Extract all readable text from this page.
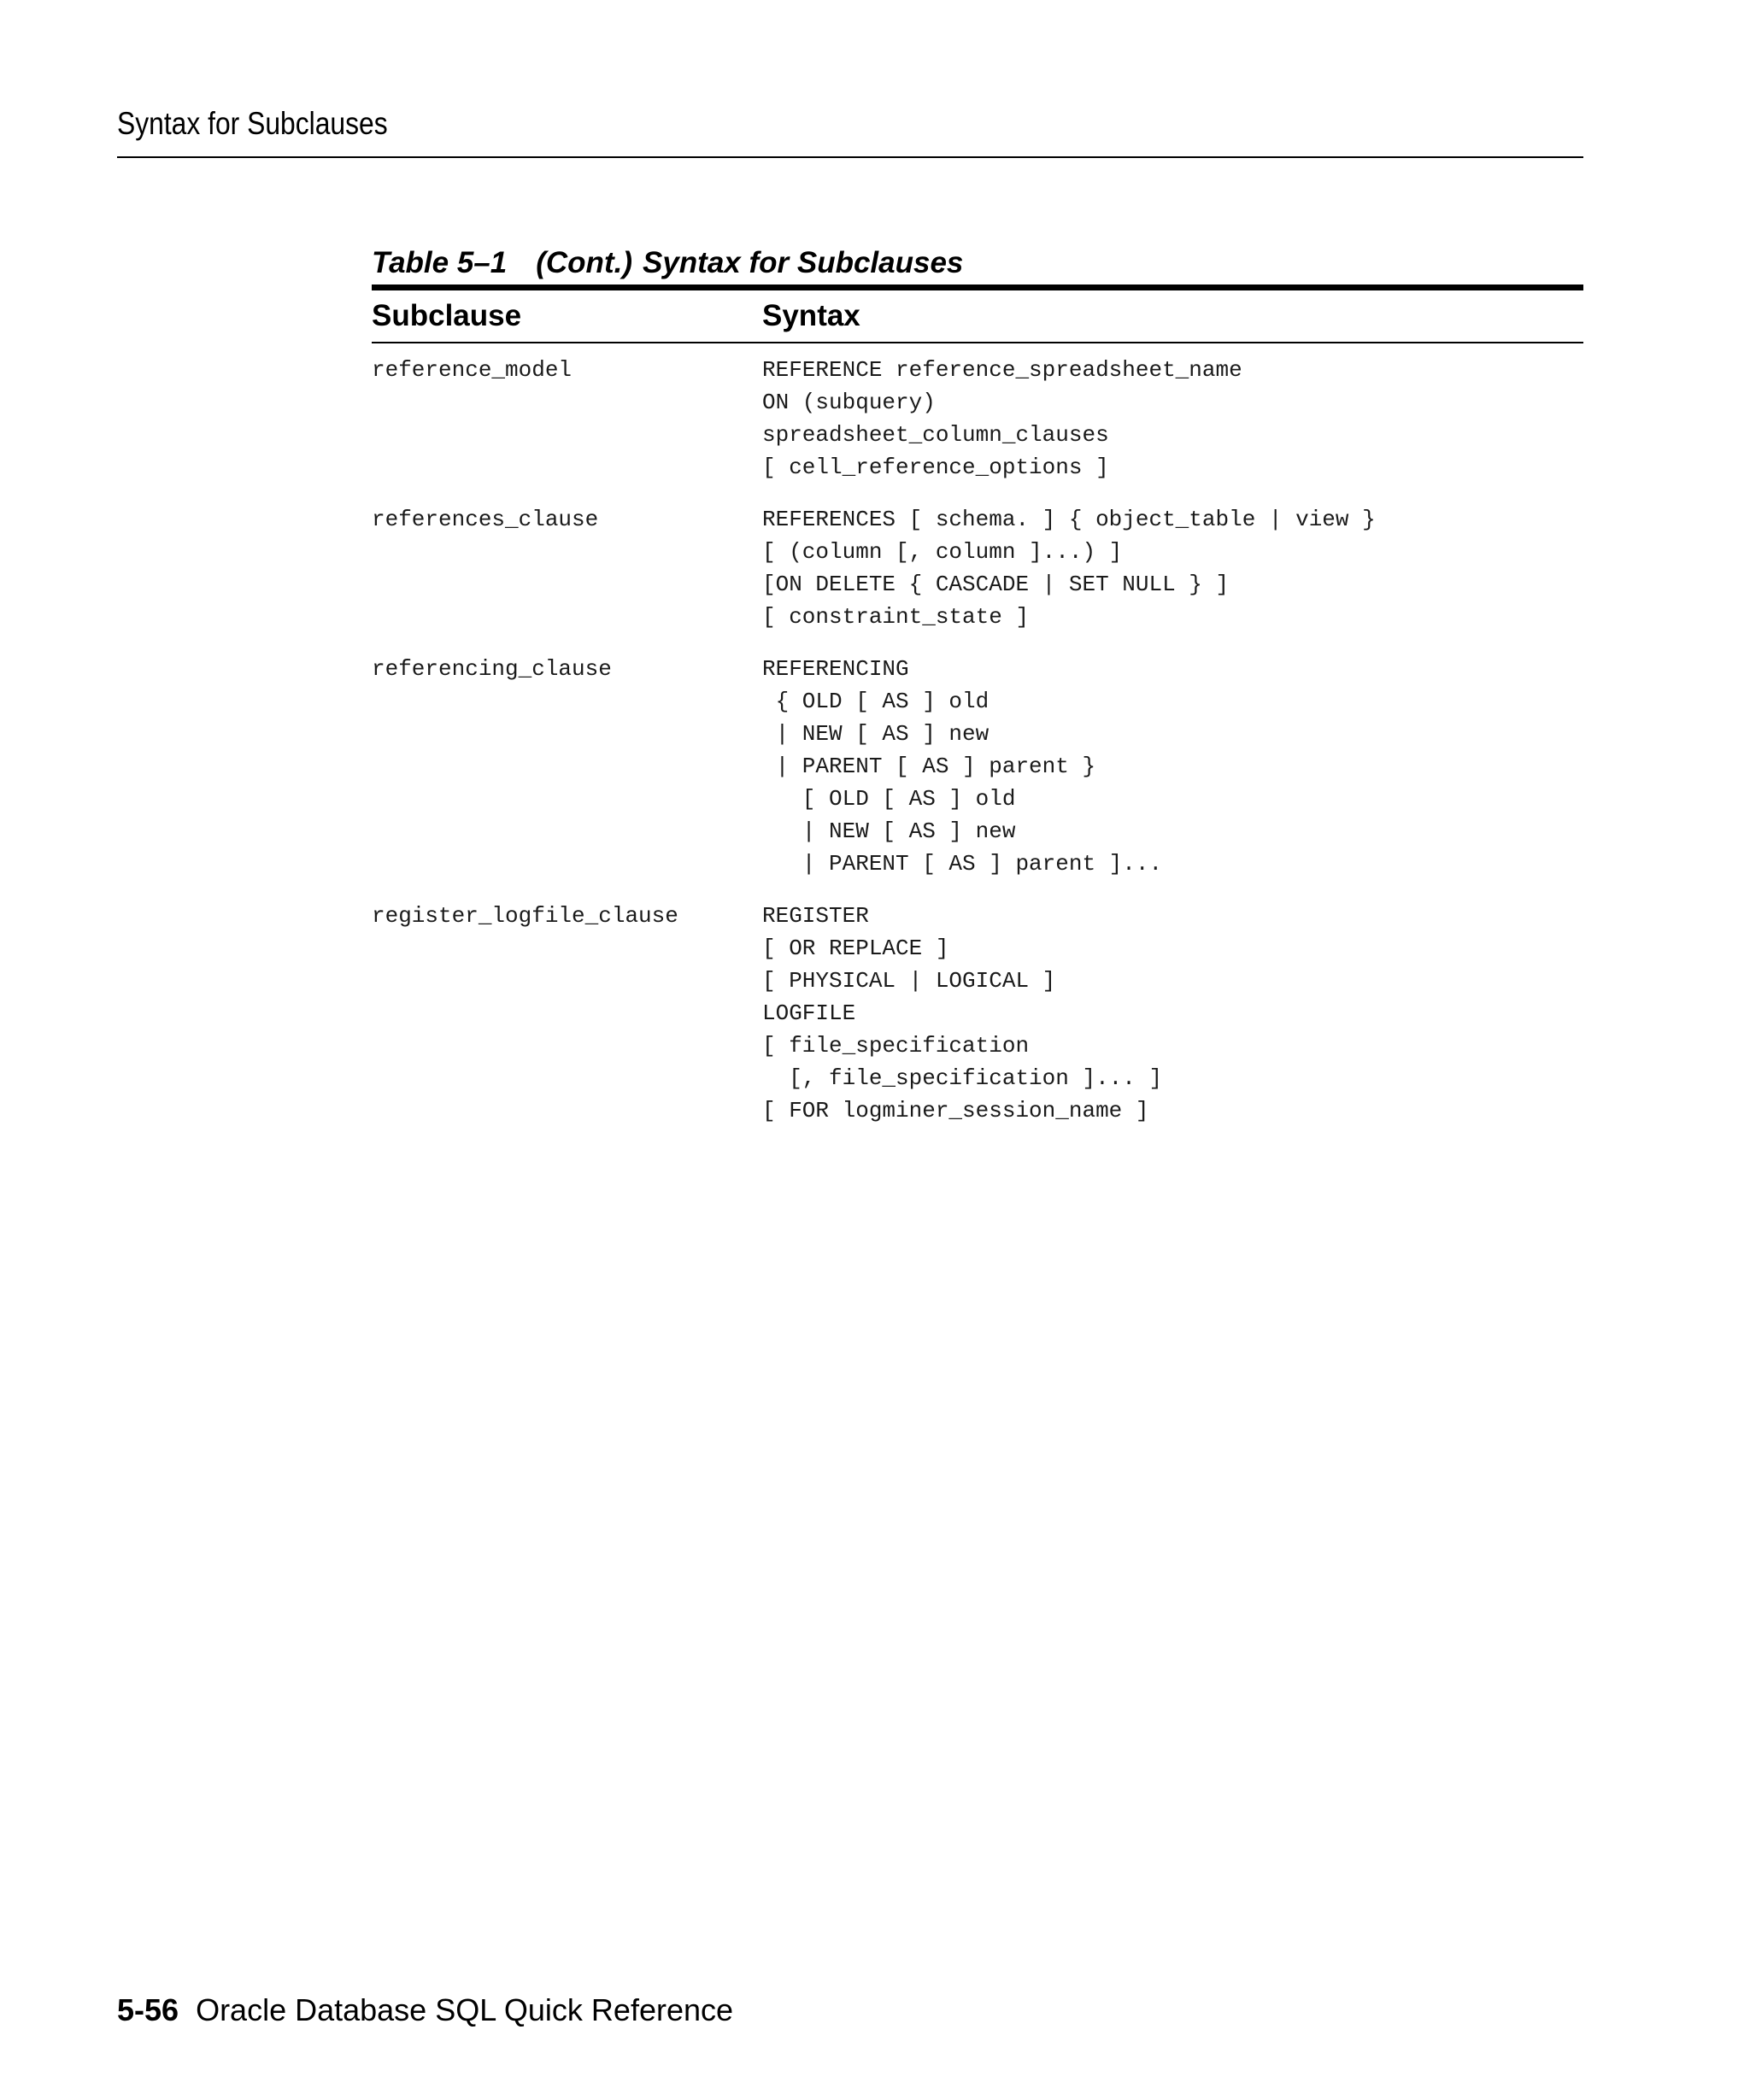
Syntax for Subclauses
Table 5–1 (Cont.) Syntax for Subclauses
Subclause	Syntax
reference_model	REFERENCE reference_spreadsheet_name
ON (subquery)
spreadsheet_column_clauses
[ cell_reference_options ]
references_clause	REFERENCES [ schema. ] { object_table | view }
[ (column [, column ]...) ]
[ON DELETE { CASCADE | SET NULL } ]
[ constraint_state ]
referencing_clause	REFERENCING
{ OLD [ AS ] old
| NEW [ AS ] new
| PARENT [ AS ] parent }
[ OLD [ AS ] old
| NEW [ AS ] new
| PARENT [ AS ] parent ]...
register_logfile_clause	REGISTER
[ OR REPLACE ]
[ PHYSICAL | LOGICAL ]
LOGFILE
[ file_specification
[, file_specification ]... ]
[ FOR logminer_session_name ]
5-56 Oracle Database SQL Quick Reference
